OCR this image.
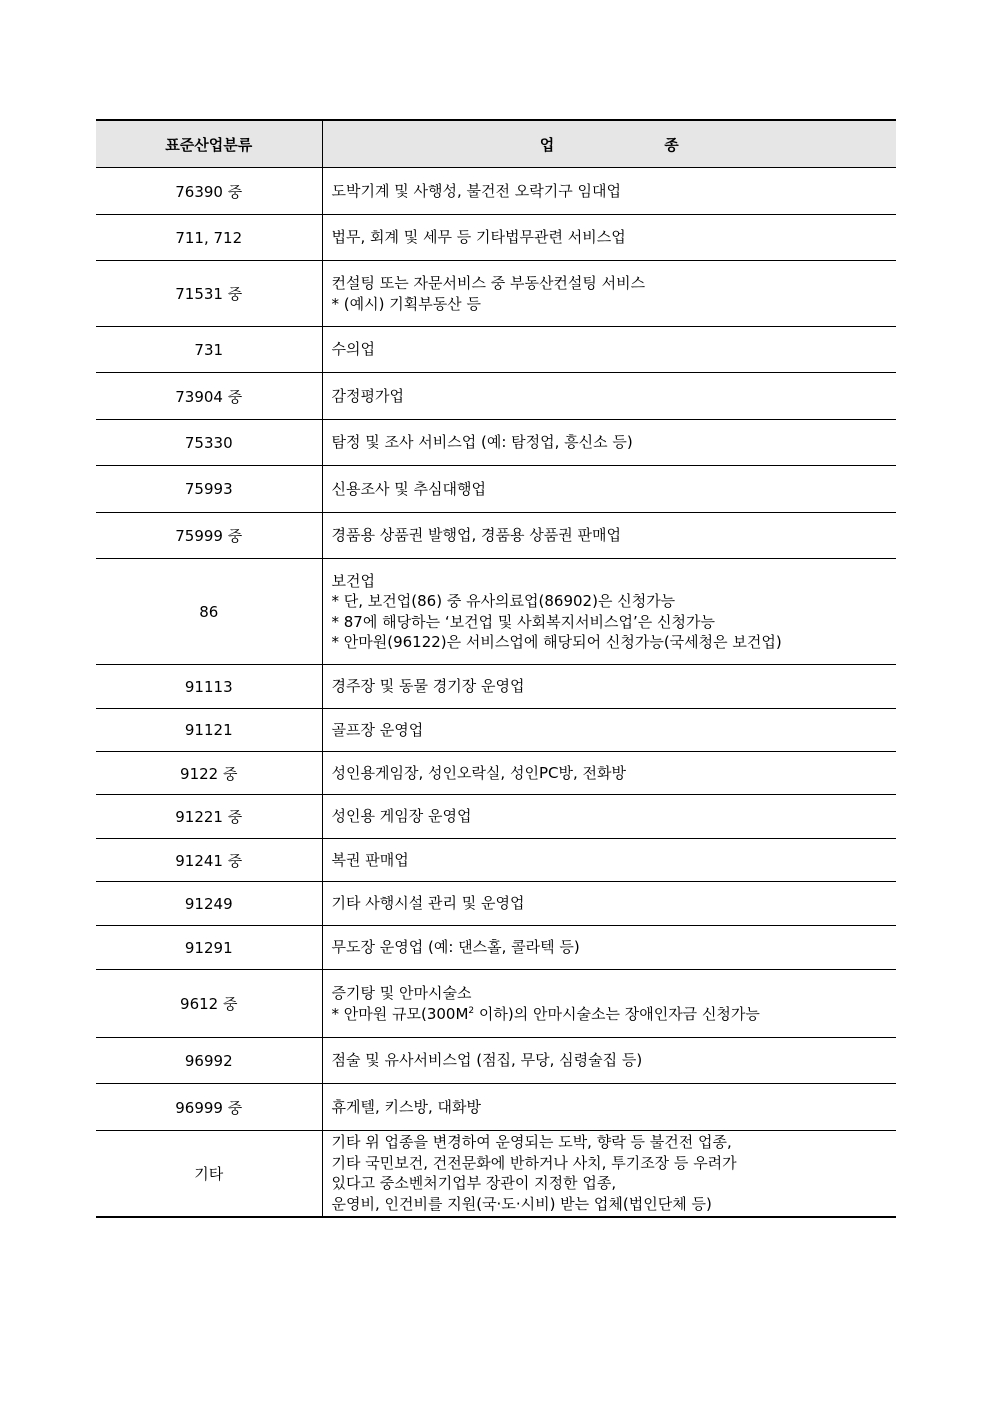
표준산업분류	업 종
76390 중	도박기계 및 사행성, 불건전 오락기구 임대업

711, 712	법무, 회계 및 세무 등 기타법무관련 서비스업

71531 중	컨설팅 또는 자문서비스 중 부동산컨설팅 서비스
* (예시) 기획부동산 등

731	수의업

73904 중	감정평가업

75330	탐정 및 조사 서비스업 (예: 탐정업, 흥신소 등)

75993	신용조사 및 추심대행업

75999 중	경품용 상품권 발행업, 경품용 상품권 판매업

86	보건업
* 단, 보건업(86) 중 유사의료업(86902)은 신청가능
* 87에 해당하는 ‘보건업 및 사회복지서비스업’은 신청가능
* 안마원(96122)은 서비스업에 해당되어 신청가능(국세청은 보건업)

91113	경주장 및 동물 경기장 운영업

91121	골프장 운영업

9122 중	성인용게임장, 성인오락실, 성인PC방, 전화방

91221 중	성인용 게임장 운영업

91241 중	복권 판매업

91249	기타 사행시설 관리 및 운영업

91291	무도장 운영업 (예: 댄스홀, 콜라텍 등)

9612 중	증기탕 및 안마시술소
* 안마원 규모($300M^2$ 이하)의 안마시술소는 장애인자금 신청가능

96992	점술 및 유사서비스업 (점집, 무당, 심령술집 등)

96999 중	휴게텔, 키스방, 대화방

기타	기타 위 업종을 변경하여 운영되는 도박, 향락 등 불건전 업종,
기타 국민보건, 건전문화에 반하거나 사치, 투기조장 등 우려가
있다고 중소벤처기업부 장관이 지정한 업종,
운영비, 인건비를 지원(국·도·시비) 받는 업체(법인단체 등)
